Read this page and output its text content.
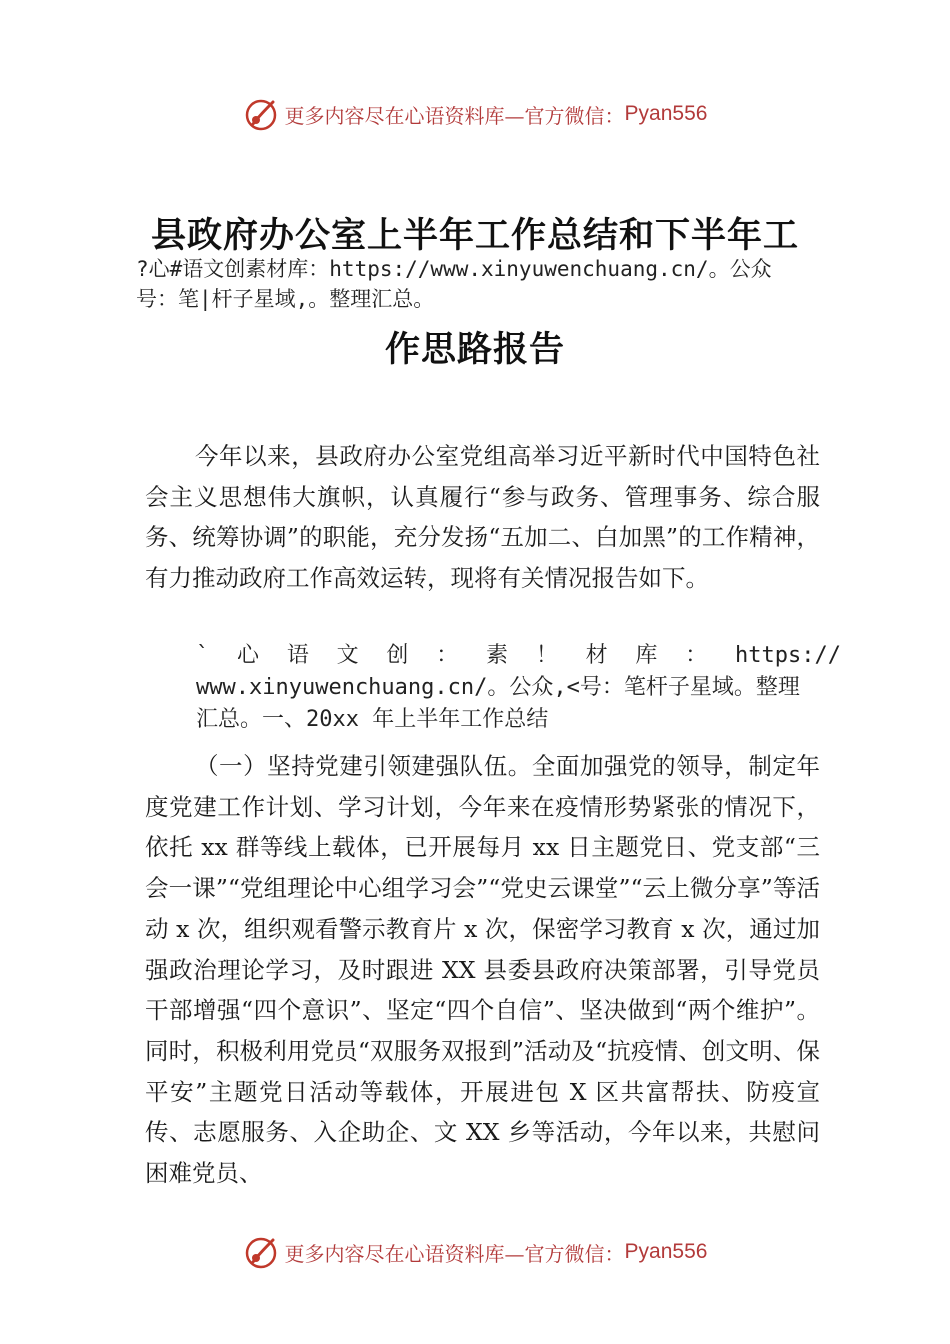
更多内容尽在心语资料库—官方微信： Pyan556
县政府办公室上半年工作总结和下半年工
?心#语文创素材库：https://www.xinyuwenchuang.cn/。公众
号：笔|杆子星域,。整理汇总。
作思路报告
今年以来，县政府办公室党组高举习近平新时代中国特色社会主义思想伟大旗帜，认真履行“参与政务、管理事务、综合服务、统筹协调”的职能，充分发扬“五加二、白加黑”的工作精神，有力推动政府工作高效运转，现将有关情况报告如下。
` 心 语 文 创 ： 素 ！ 材 库 ： https://
www.xinyuwenchuang.cn/。公众,<号：笔杆子星域。整理
汇总。一、20xx 年上半年工作总结
（一）坚持党建引领建强队伍。全面加强党的领导，制定年度党建工作计划、学习计划，今年来在疫情形势紧张的情况下，依托 xx 群等线上载体，已开展每月 xx 日主题党日、党支部“三会一课”“党组理论中心组学习会”“党史云课堂”“云上微分享”等活动 x 次，组织观看警示教育片 x 次，保密学习教育 x 次，通过加强政治理论学习，及时跟进 XX 县委县政府决策部署，引导党员干部增强“四个意识”、坚定“四个自信”、坚决做到“两个维护”。同时，积极利用党员“双服务双报到”活动及“抗疫情、创文明、保平安”主题党日活动等载体，开展进包 X 区共富帮扶、防疫宣传、志愿服务、入企助企、文 XX 乡等活动，今年以来，共慰问困难党员、
更多内容尽在心语资料库—官方微信： Pyan556
